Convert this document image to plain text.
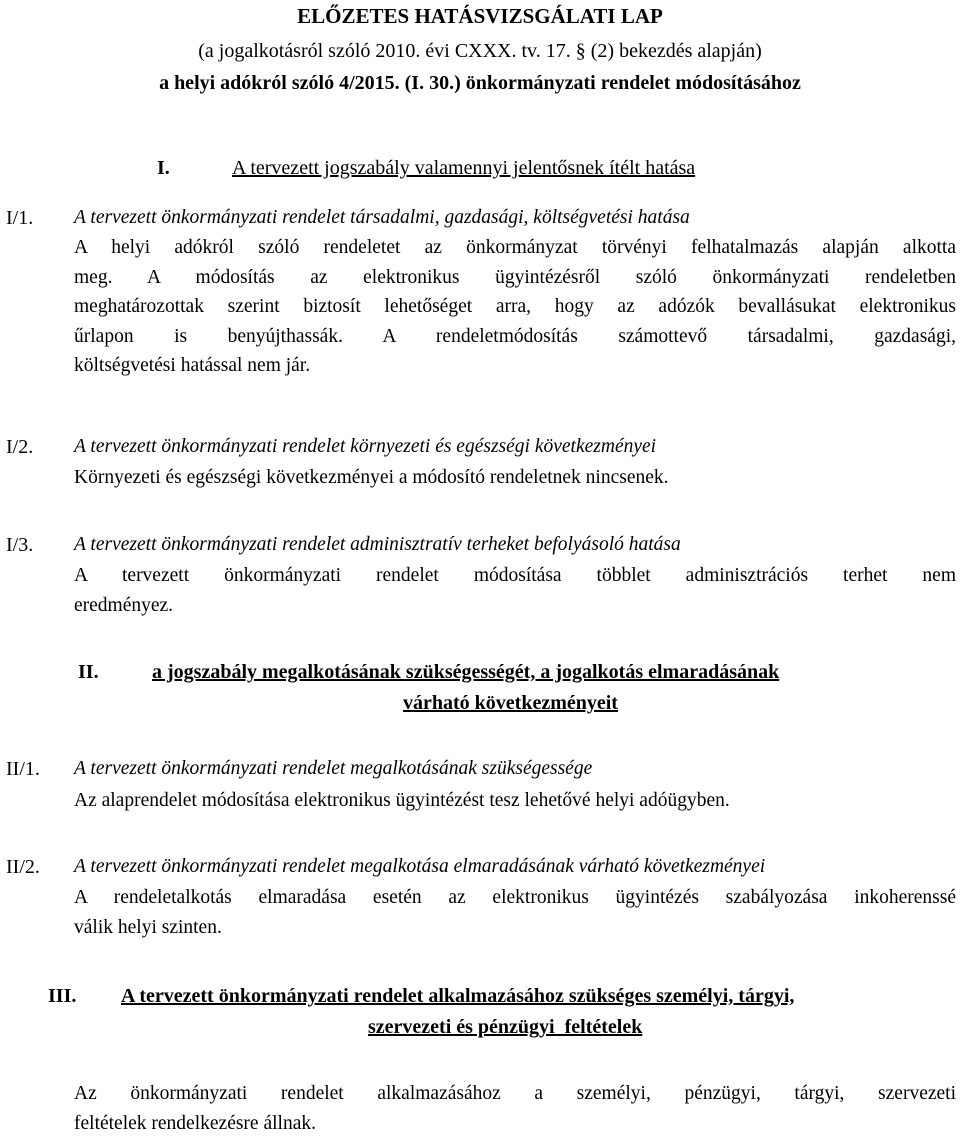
ELŐZETES HATÁSVIZSGÁLATI LAP
(a jogalkotásról szóló 2010. évi CXXX. tv. 17. § (2) bekezdés alapján)
a helyi adókról szóló 4/2015. (I. 30.) önkormányzati rendelet módosításához
I.	A tervezett jogszabály valamennyi jelentősnek ítélt hatása
I/1. A tervezett önkormányzati rendelet társadalmi, gazdasági, költségvetési hatása
A helyi adókról szóló rendeletet az önkormányzat törvényi felhatalmazás alapján alkotta
meg. A módosítás az elektronikus ügyintézésről szóló önkormányzati rendeletben
meghatározottak szerint biztosít lehetőséget arra, hogy az adózók bevallásukat elektronikus
űrlapon is benyújthassák. A rendeletmódosítás számottevő társadalmi, gazdasági,
költségvetési hatással nem jár.
I/2. A tervezett önkormányzati rendelet környezeti és egészségi következményei
Környezeti és egészségi következményei a módosító rendeletnek nincsenek.
I/3. A tervezett önkormányzati rendelet adminisztratív terheket befolyásoló hatása
A tervezett önkormányzati rendelet módosítása többlet adminisztrációs terhet nem
eredményez.
II.	a jogszabály megalkotásának szükségességét, a jogalkotás elmaradásának
várható következményeit
II/1. A tervezett önkormányzati rendelet megalkotásának szükségessége
Az alaprendelet módosítása elektronikus ügyintézést tesz lehetővé helyi adóügyben.
II/2. A tervezett önkormányzati rendelet megalkotása elmaradásának várható következményei
A rendeletalkotás elmaradása esetén az elektronikus ügyintézés szabályozása inkoherenssé
válik helyi szinten.
III. A tervezett önkormányzati rendelet alkalmazásához szükséges személyi, tárgyi,
szervezeti és pénzügyi  feltételek
Az önkormányzati rendelet alkalmazásához a személyi, pénzügyi, tárgyi, szervezeti
feltételek rendelkezésre állnak.
